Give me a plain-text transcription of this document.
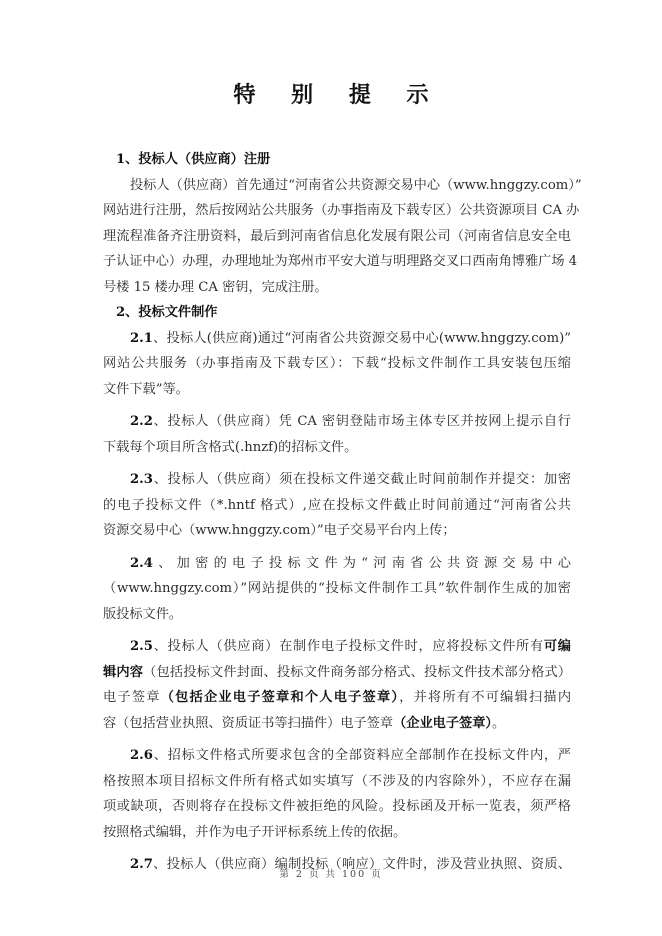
特 别 提 示
1、投标人（供应商）注册
投标人（供应商）首先通过“河南省公共资源交易中心（www.hnggzy.com）”
网站进行注册，然后按网站公共服务（办事指南及下载专区）公共资源项目 CA 办
理流程准备齐注册资料，最后到河南省信息化发展有限公司（河南省信息安全电
子认证中心）办理，办理地址为郑州市平安大道与明理路交叉口西南角博雅广场 4
号楼 15 楼办理 CA 密钥，完成注册。
2、投标文件制作
2.1、投标人(供应商)通过“河南省公共资源交易中心(www.hnggzy.com)”
网站公共服务（办事指南及下载专区）：下载“投标文件制作工具安装包压缩
文件下载”等。
2.2、投标人（供应商）凭 CA 密钥登陆市场主体专区并按网上提示自行
下载每个项目所含格式(.hnzf)的招标文件。
2.3、投标人（供应商）须在投标文件递交截止时间前制作并提交：加密
的电子投标文件（*.hntf 格式）,应在投标文件截止时间前通过“河南省公共
资源交易中心（www.hnggzy.com）”电子交易平台内上传；
2.4、加密的电子投标文件为“河南省公共资源交易中心
（www.hnggzy.com）”网站提供的“投标文件制作工具”软件制作生成的加密
版投标文件。
2.5、投标人（供应商）在制作电子投标文件时，应将投标文件所有可编
辑内容（包括投标文件封面、投标文件商务部分格式、投标文件技术部分格式）
电子签章（包括企业电子签章和个人电子签章），并将所有不可编辑扫描内
容（包括营业执照、资质证书等扫描件）电子签章（企业电子签章）。
2.6、招标文件格式所要求包含的全部资料应全部制作在投标文件内，严
格按照本项目招标文件所有格式如实填写（不涉及的内容除外），不应存在漏
项或缺项，否则将存在投标文件被拒绝的风险。投标函及开标一览表，须严格
按照格式编辑，并作为电子开评标系统上传的依据。
2.7、投标人（供应商）编制投标（响应）文件时，涉及营业执照、资质、
第 2 页 共 100 页
